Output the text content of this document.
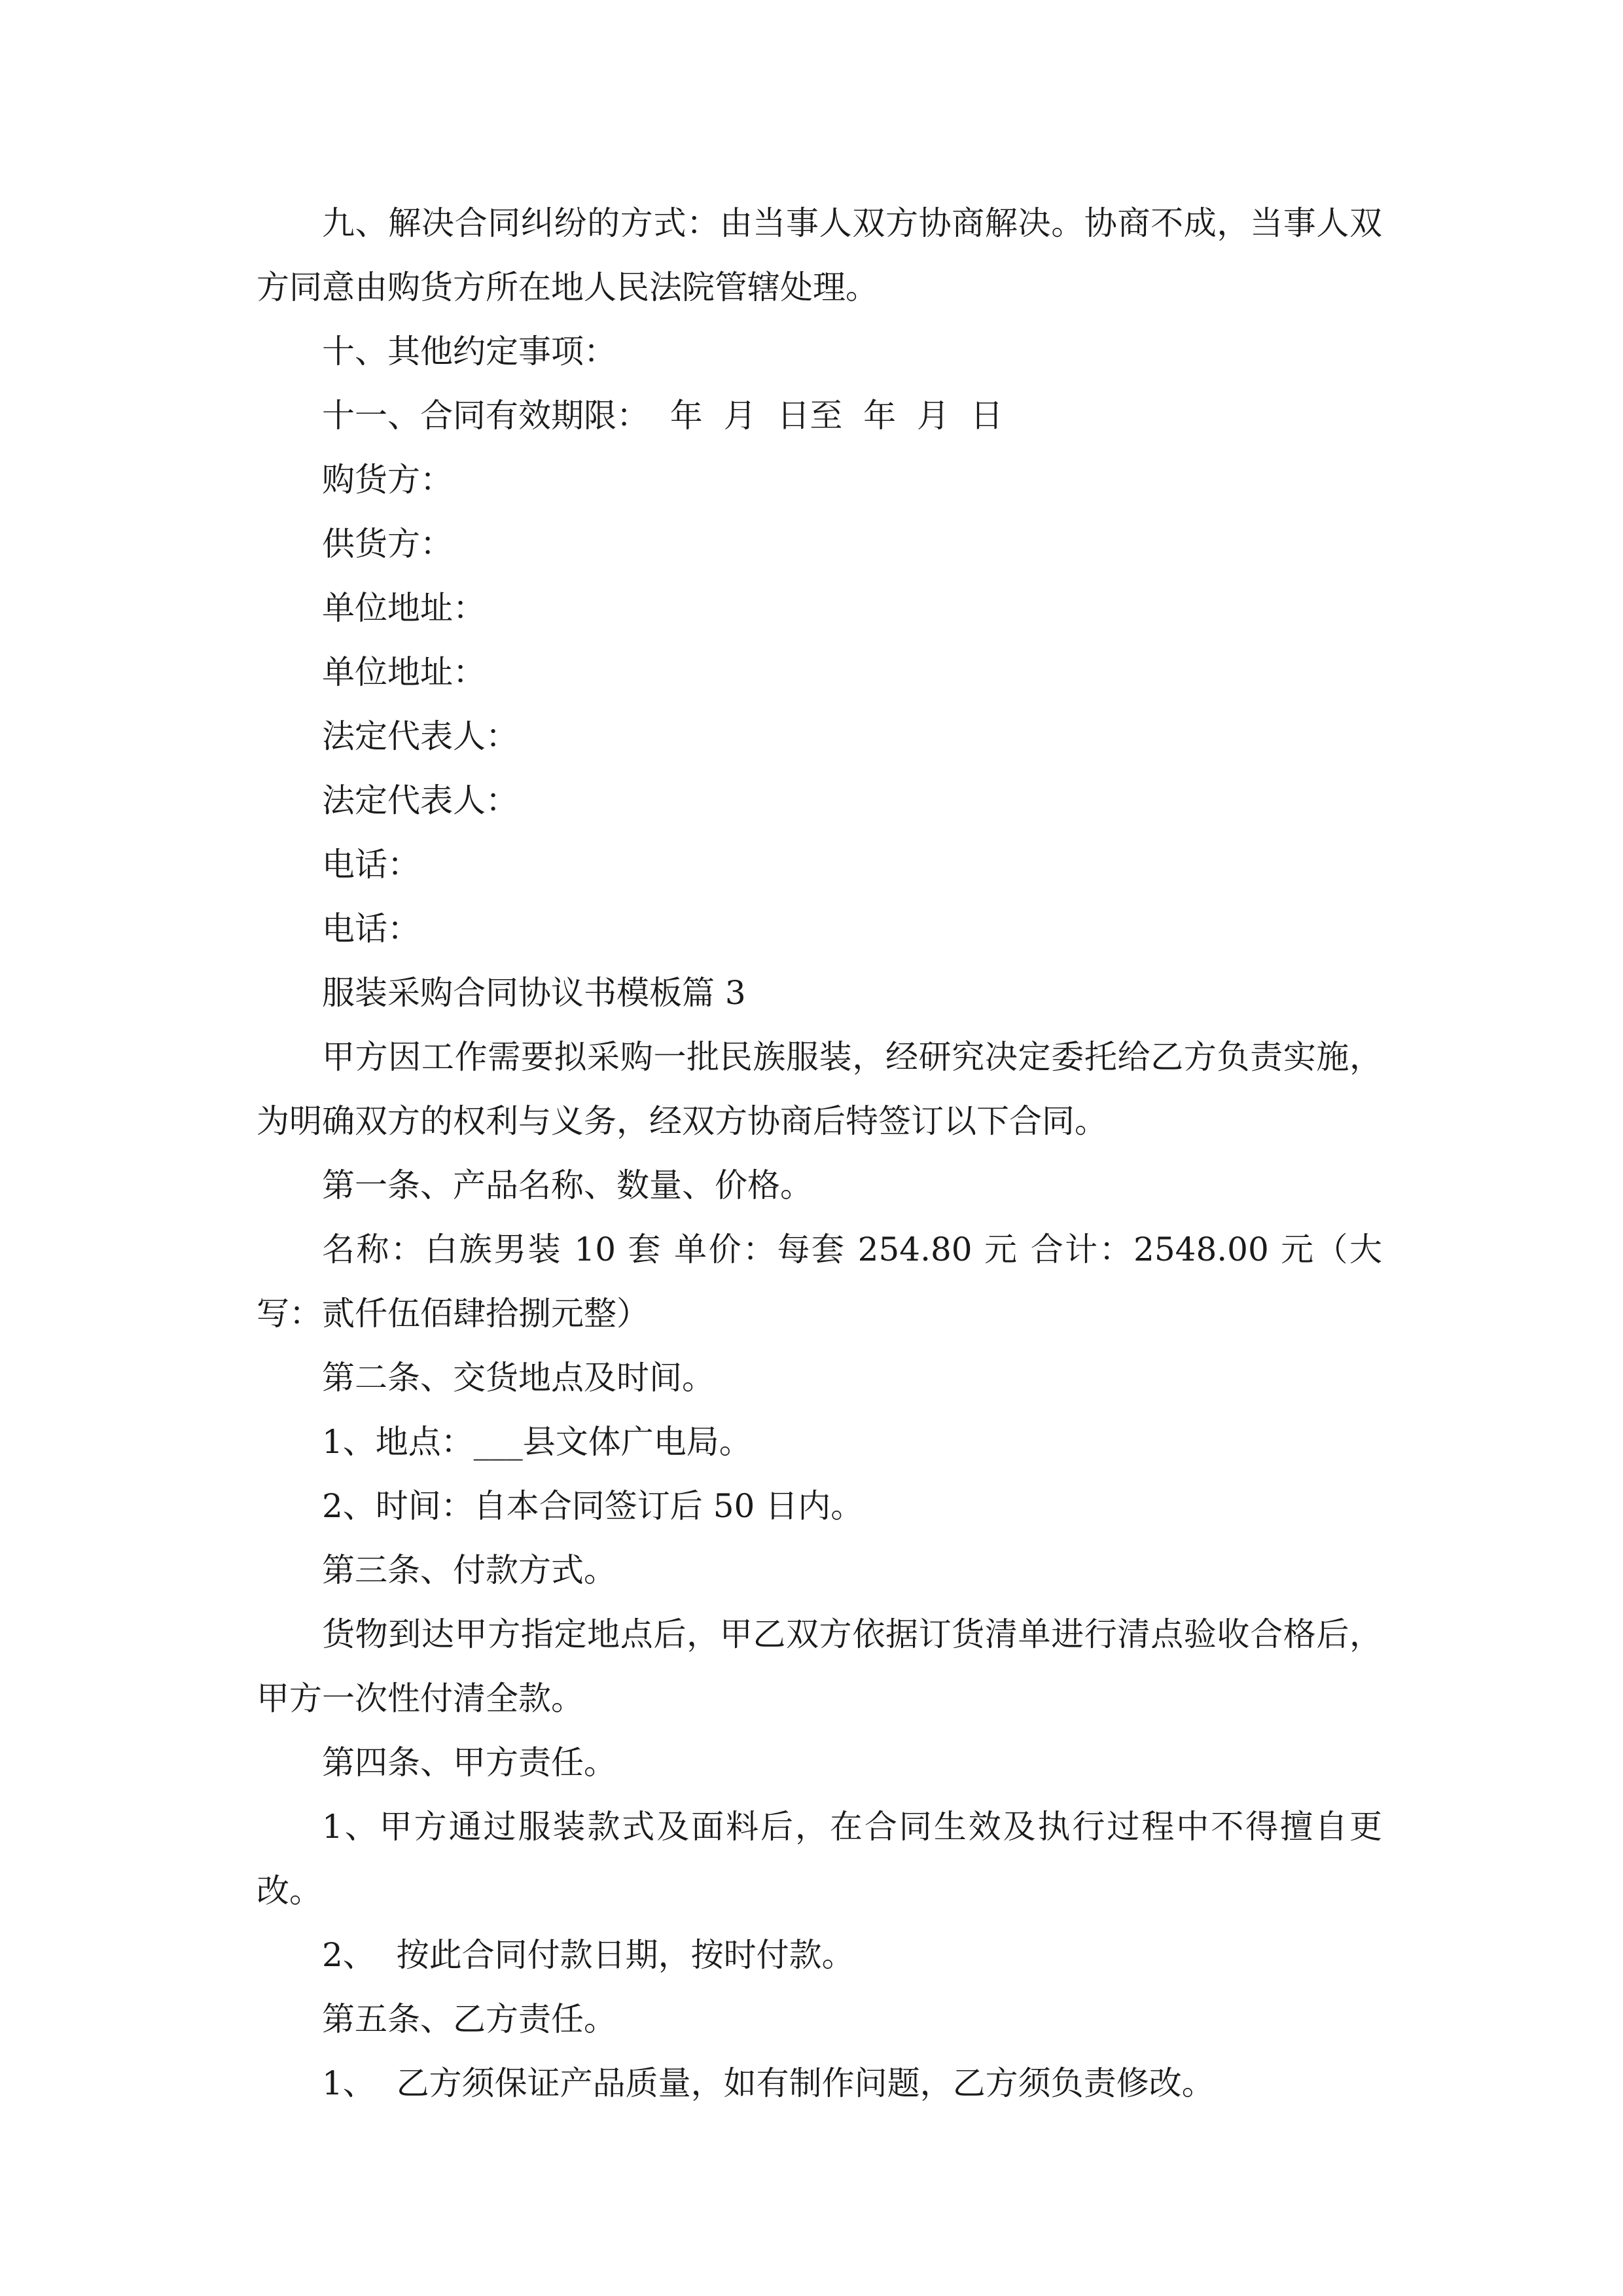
九、解决合同纠纷的方式：由当事人双方协商解决。协商不成，当事人双方同意由购货方所在地人民法院管辖处理。

十、其他约定事项：

十一、合同有效期限：  年  月  日至  年  月  日

购货方：

供货方：

单位地址：

单位地址：

法定代表人：

法定代表人：

电话：

电话：

服装采购合同协议书模板篇 3

甲方因工作需要拟采购一批民族服装，经研究决定委托给乙方负责实施，为明确双方的权利与义务，经双方协商后特签订以下合同。

第一条、产品名称、数量、价格。

名称：白族男装 10 套 单价：每套 254.80 元 合计：2548.00 元（大写：贰仟伍佰肆拾捌元整）

第二条、交货地点及时间。

1、地点：___县文体广电局。

2、时间：自本合同签订后 50 日内。

第三条、付款方式。

货物到达甲方指定地点后，甲乙双方依据订货清单进行清点验收合格后，甲方一次性付清全款。

第四条、甲方责任。

1、甲方通过服装款式及面料后，在合同生效及执行过程中不得擅自更改。

2、  按此合同付款日期，按时付款。

第五条、乙方责任。

1、  乙方须保证产品质量，如有制作问题，乙方须负责修改。
